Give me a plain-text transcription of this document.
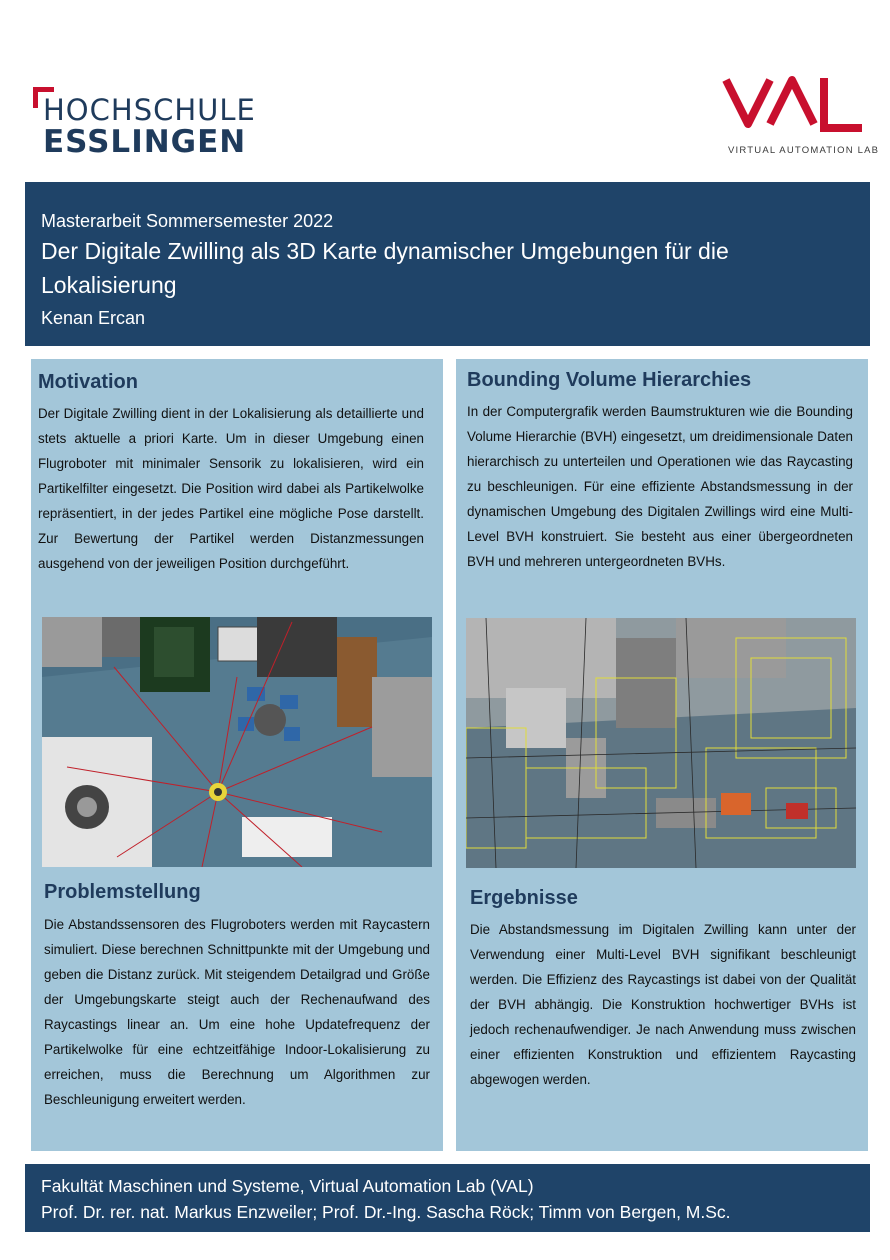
HOCHSCHULE
ESSLINGEN	VIRTUAL AUTOMATION LAB
Masterarbeit Sommersemester 2022
Der Digitale Zwilling als 3D Karte dynamischer Umgebungen für die Lokalisierung
Kenan Ercan
Motivation
Der Digitale Zwilling dient in der Lokalisierung als detaillierte und stets aktuelle a priori Karte. Um in dieser Umgebung einen Flugroboter mit minimaler Sensorik zu lokalisieren, wird ein Partikelfilter eingesetzt. Die Position wird dabei als Partikelwolke repräsentiert, in der jedes Partikel eine mögliche Pose darstellt. Zur Bewertung der Partikel werden Distanzmessungen ausgehend von der jeweiligen Position durchgeführt.
Problemstellung
Die Abstandssensoren des Flugroboters werden mit Raycastern simuliert. Diese berechnen Schnittpunkte mit der Umgebung und geben die Distanz zurück. Mit steigendem Detailgrad und Größe der Umgebungskarte steigt auch der Rechenaufwand des Raycastings linear an. Um eine hohe Updatefrequenz der Partikelwolke für eine echtzeitfähige Indoor-Lokalisierung zu erreichen, muss die Berechnung um Algorithmen zur Beschleunigung erweitert werden.
Bounding Volume Hierarchies
In der Computergrafik werden Baumstrukturen wie die Bounding Volume Hierarchie (BVH) eingesetzt, um dreidimensionale Daten hierarchisch zu unterteilen und Operationen wie das Raycasting zu beschleunigen. Für eine effiziente Abstandsmessung in der dynamischen Umgebung des Digitalen Zwillings wird eine Multi-Level BVH konstruiert. Sie besteht aus einer übergeordneten BVH und mehreren untergeordneten BVHs.
Ergebnisse
Die Abstandsmessung im Digitalen Zwilling kann unter der Verwendung einer Multi-Level BVH signifikant beschleunigt werden. Die Effizienz des Raycastings ist dabei von der Qualität der BVH abhängig. Die Konstruktion hochwertiger BVHs ist jedoch rechenaufwendiger. Je nach Anwendung muss zwischen einer effizienten Konstruktion und effizientem Raycasting abgewogen werden.
Fakultät Maschinen und Systeme, Virtual Automation Lab (VAL)
Prof. Dr. rer. nat. Markus Enzweiler; Prof. Dr.-Ing. Sascha Röck; Timm von Bergen, M.Sc.
